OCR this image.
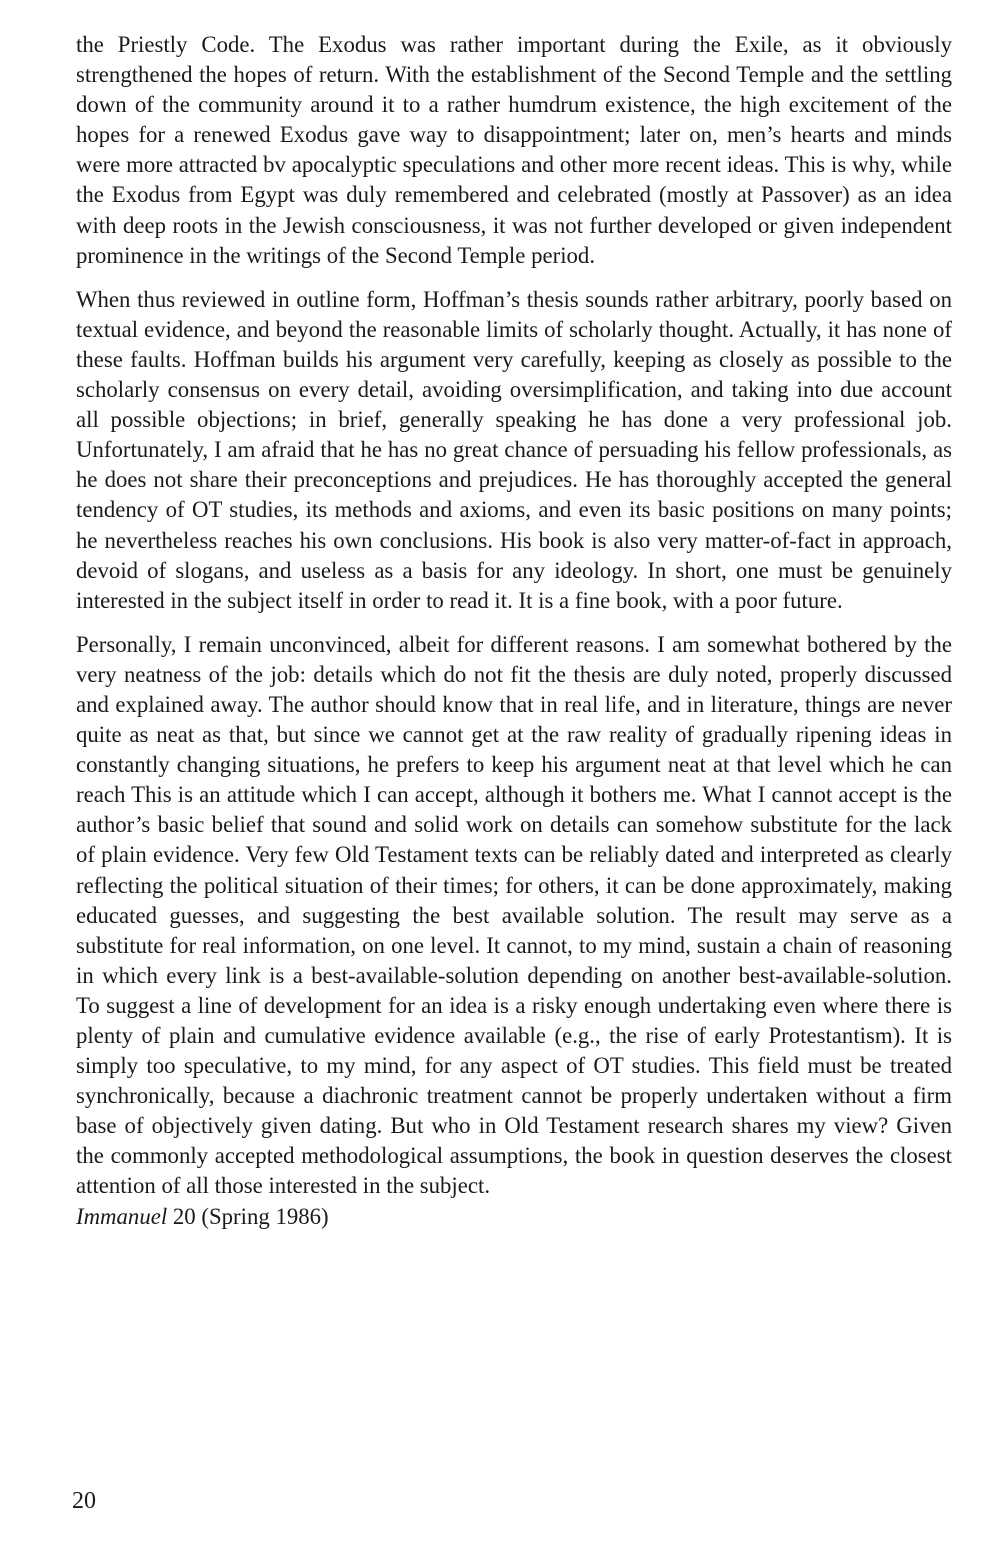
the Priestly Code. The Exodus was rather important during the Exile, as it obviously strengthened the hopes of return. With the establishment of the Second Temple and the settling down of the community around it to a rather humdrum existence, the high excitement of the hopes for a renewed Exodus gave way to disappointment; later on, men’s hearts and minds were more attracted bv apocalyptic speculations and other more recent ideas. This is why, while the Exodus from Egypt was duly remembered and celebrated (mostly at Passover) as an idea with deep roots in the Jewish consciousness, it was not further developed or given independent prominence in the writings of the Second Temple period.

When thus reviewed in outline form, Hoffman’s thesis sounds rather arbitrary, poorly based on textual evidence, and beyond the reasonable limits of scholarly thought. Actually, it has none of these faults. Hoffman builds his argument very carefully, keeping as closely as possible to the scholarly consensus on every detail, avoiding oversimplification, and taking into due account all possible objections; in brief, generally speaking he has done a very professional job. Unfortunately, I am afraid that he has no great chance of persuading his fellow professionals, as he does not share their preconceptions and prejudices. He has thoroughly accepted the general tendency of OT studies, its methods and axioms, and even its basic positions on many points; he nevertheless reaches his own conclusions. His book is also very matter-of-fact in approach, devoid of slogans, and useless as a basis for any ideology. In short, one must be genuinely interested in the subject itself in order to read it. It is a fine book, with a poor future.

Personally, I remain unconvinced, albeit for different reasons. I am somewhat bothered by the very neatness of the job: details which do not fit the thesis are duly noted, properly discussed and explained away. The author should know that in real life, and in literature, things are never quite as neat as that, but since we cannot get at the raw reality of gradually ripening ideas in constantly changing situations, he prefers to keep his argument neat at that level which he can reach This is an attitude which I can accept, although it bothers me. What I cannot accept is the author’s basic belief that sound and solid work on details can somehow substitute for the lack of plain evidence. Very few Old Testament texts can be reliably dated and interpreted as clearly reflecting the political situation of their times; for others, it can be done approximately, making educated guesses, and suggesting the best available solution. The result may serve as a substitute for real information, on one level. It cannot, to my mind, sustain a chain of reasoning in which every link is a best-available-solution depending on another best-available-solution. To suggest a line of development for an idea is a risky enough undertaking even where there is plenty of plain and cumulative evidence available (e.g., the rise of early Protestantism). It is simply too speculative, to my mind, for any aspect of OT studies. This field must be treated synchronically, because a diachronic treatment cannot be properly undertaken without a firm base of objectively given dating. But who in Old Testament research shares my view? Given the commonly accepted methodological assumptions, the book in question deserves the closest attention of all those interested in the subject.

Immanuel 20 (Spring 1986)

20
